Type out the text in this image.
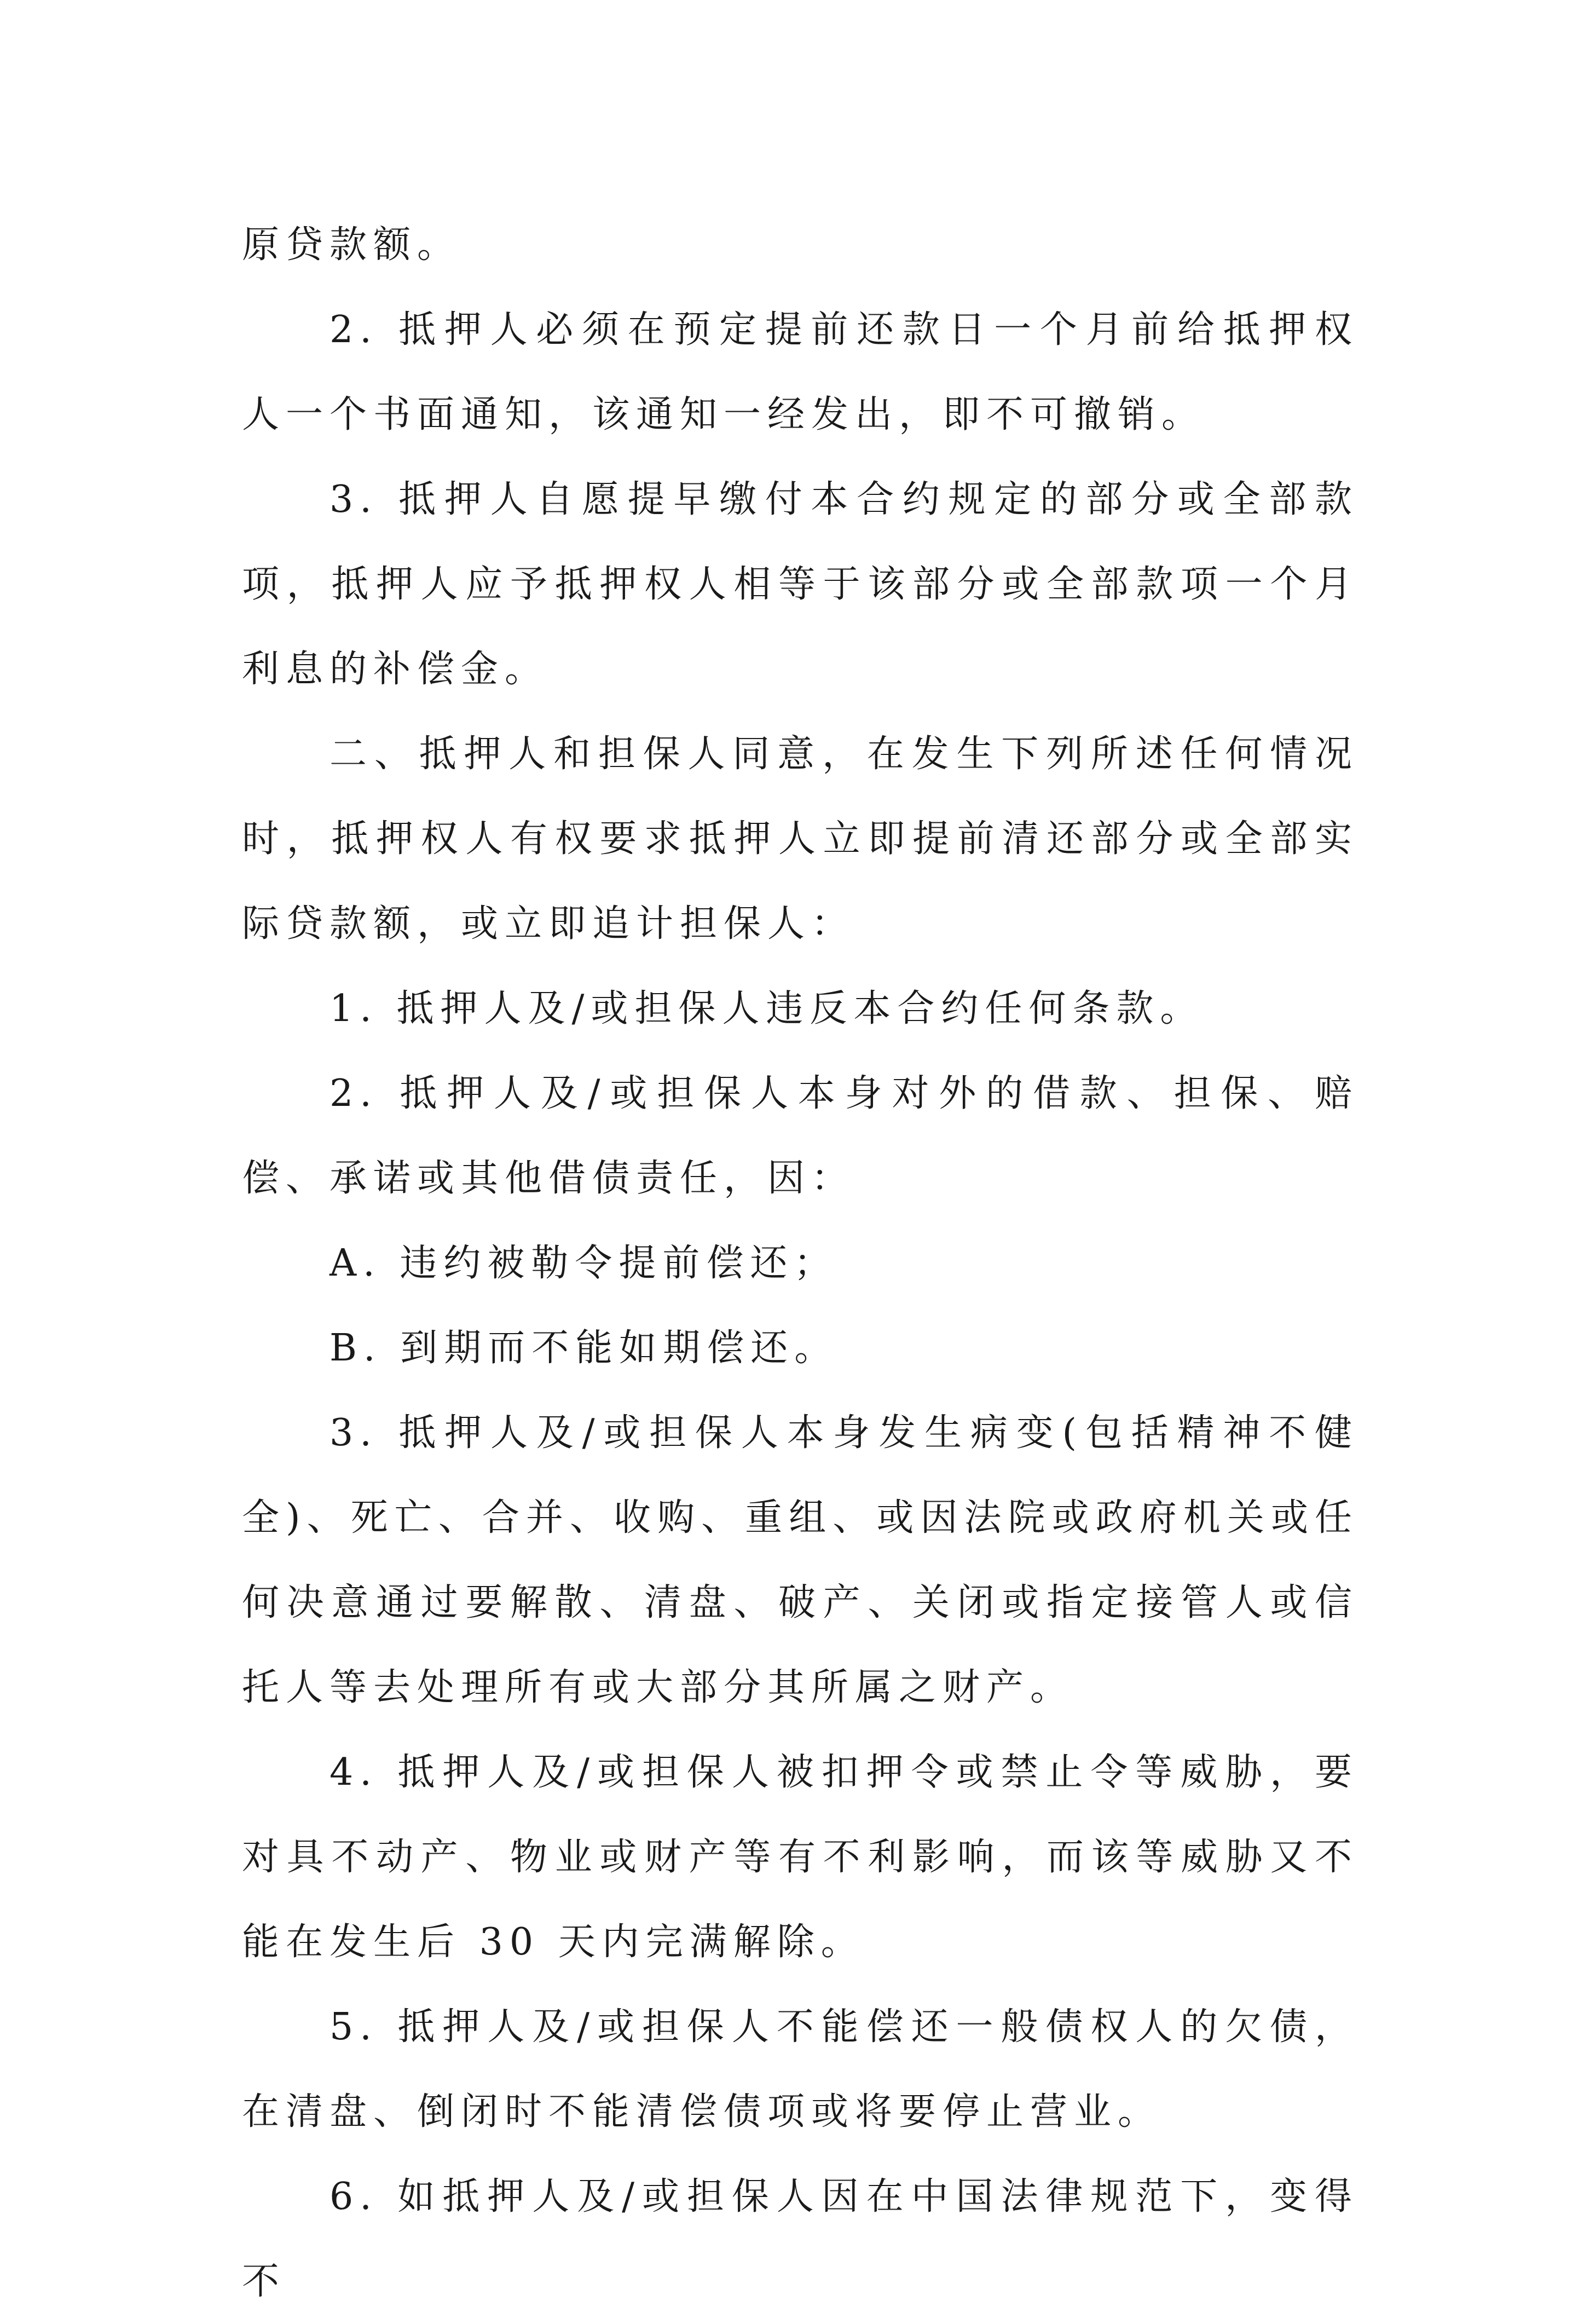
原贷款额。

2. 抵押人必须在预定提前还款日一个月前给抵押权人一个书面通知，该通知一经发出，即不可撤销。

3. 抵押人自愿提早缴付本合约规定的部分或全部款项，抵押人应予抵押权人相等于该部分或全部款项一个月利息的补偿金。

二、抵押人和担保人同意，在发生下列所述任何情况时，抵押权人有权要求抵押人立即提前清还部分或全部实际贷款额，或立即追计担保人：

1. 抵押人及/或担保人违反本合约任何条款。

2. 抵押人及/或担保人本身对外的借款、担保、赔偿、承诺或其他借债责任，因：

A. 违约被勒令提前偿还；

B. 到期而不能如期偿还。

3. 抵押人及/或担保人本身发生病变(包括精神不健全)、死亡、合并、收购、重组、或因法院或政府机关或任何决意通过要解散、清盘、破产、关闭或指定接管人或信托人等去处理所有或大部分其所属之财产。

4. 抵押人及/或担保人被扣押令或禁止令等威胁，要对具不动产、物业或财产等有不利影响，而该等威胁又不能在发生后 30 天内完满解除。

5. 抵押人及/或担保人不能偿还一般债权人的欠债，在清盘、倒闭时不能清偿债项或将要停止营业。

6. 如抵押人及/或担保人因在中国法律规范下，变得不
